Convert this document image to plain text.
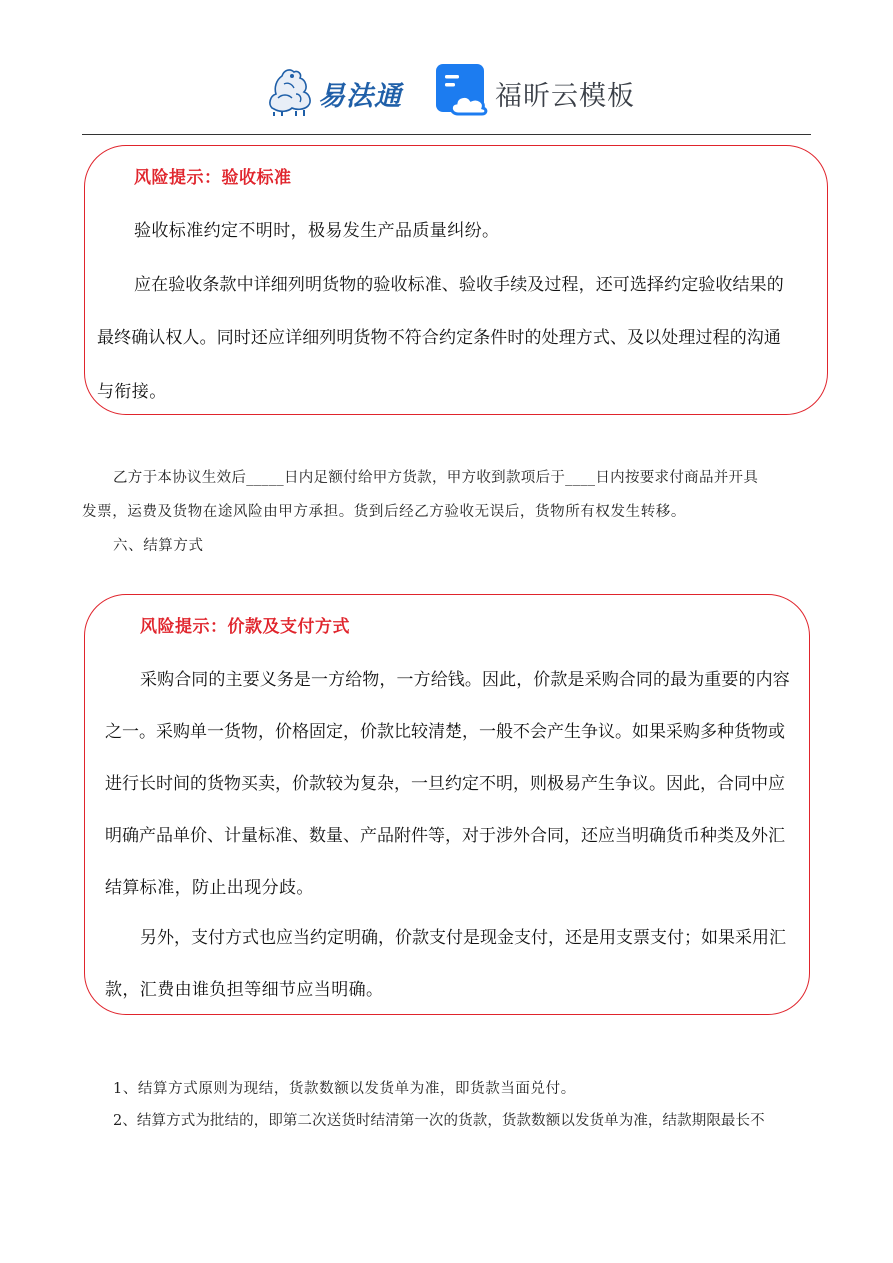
易法通	福昕云模板
风险提示：验收标准
验收标准约定不明时，极易发生产品质量纠纷。
应在验收条款中详细列明货物的验收标准、验收手续及过程，还可选择约定验收结果的
最终确认权人。同时还应详细列明货物不符合约定条件时的处理方式、及以处理过程的沟通
与衔接。
乙方于本协议生效后_____日内足额付给甲方货款，甲方收到款项后于____日内按要求付商品并开具
发票，运费及货物在途风险由甲方承担。货到后经乙方验收无误后，货物所有权发生转移。
六、结算方式
风险提示：价款及支付方式
采购合同的主要义务是一方给物，一方给钱。因此，价款是采购合同的最为重要的内容
之一。采购单一货物，价格固定，价款比较清楚，一般不会产生争议。如果采购多种货物或
进行长时间的货物买卖，价款较为复杂，一旦约定不明，则极易产生争议。因此，合同中应
明确产品单价、计量标准、数量、产品附件等，对于涉外合同，还应当明确货币种类及外汇
结算标准，防止出现分歧。
另外，支付方式也应当约定明确，价款支付是现金支付，还是用支票支付；如果采用汇
款，汇费由谁负担等细节应当明确。
1、结算方式原则为现结，货款数额以发货单为准，即货款当面兑付。
2、结算方式为批结的，即第二次送货时结清第一次的货款，货款数额以发货单为准，结款期限最长不
